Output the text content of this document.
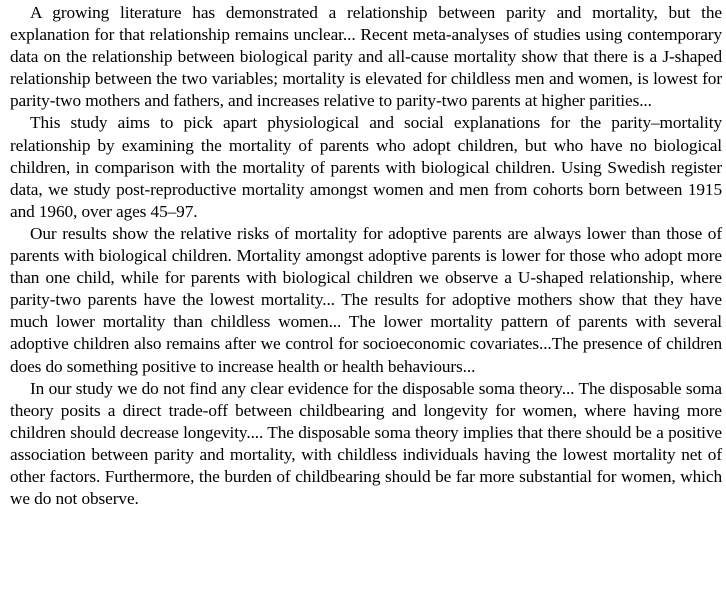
A growing literature has demonstrated a relationship between parity and mortality, but the explanation for that relationship remains unclear... Recent meta-analyses of studies using contemporary data on the relationship between biological parity and all-cause mortality show that there is a J-shaped relationship between the two variables; mortality is elevated for childless men and women, is lowest for parity-two mothers and fathers, and increases relative to parity-two parents at higher parities...

This study aims to pick apart physiological and social explanations for the parity–mortality relationship by examining the mortality of parents who adopt children, but who have no biological children, in comparison with the mortality of parents with biological children. Using Swedish register data, we study post-reproductive mortality amongst women and men from cohorts born between 1915 and 1960, over ages 45–97.

Our results show the relative risks of mortality for adoptive parents are always lower than those of parents with biological children. Mortality amongst adoptive parents is lower for those who adopt more than one child, while for parents with biological children we observe a U-shaped relationship, where parity-two parents have the lowest mortality... The results for adoptive mothers show that they have much lower mortality than childless women... The lower mortality pattern of parents with several adoptive children also remains after we control for socioeconomic covariates...The presence of children does do something positive to increase health or health behaviours...

In our study we do not find any clear evidence for the disposable soma theory... The disposable soma theory posits a direct trade-off between childbearing and longevity for women, where having more children should decrease longevity.... The disposable soma theory implies that there should be a positive association between parity and mortality, with childless individuals having the lowest mortality net of other factors. Furthermore, the burden of childbearing should be far more substantial for women, which we do not observe.
